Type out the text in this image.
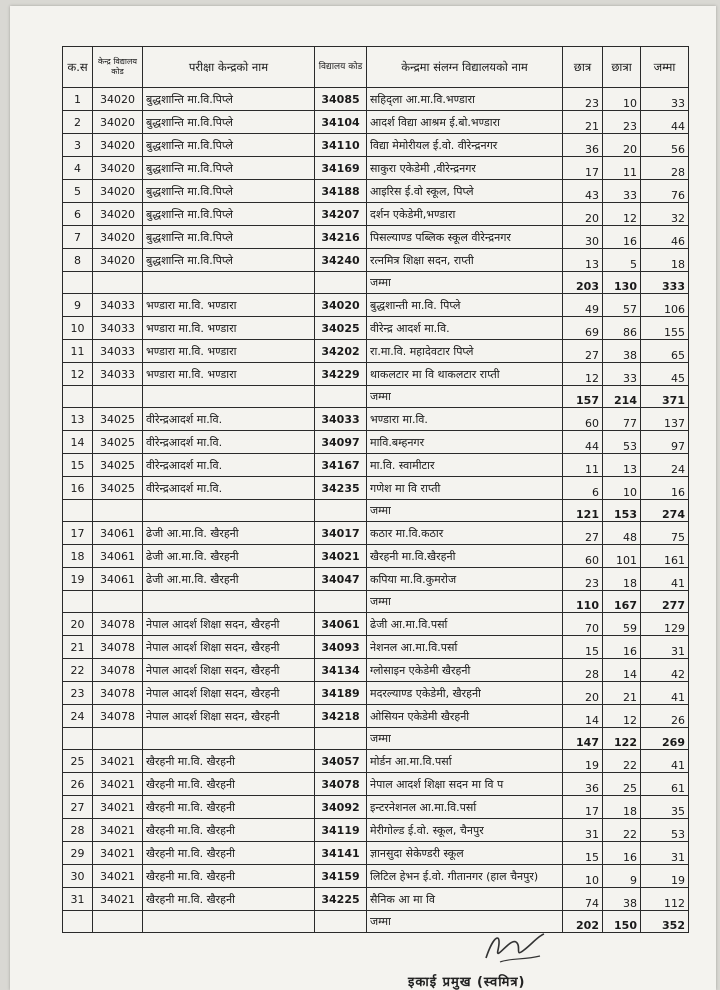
क.स	केन्द्र विद्यालय कोड	परीक्षा केन्द्रको नाम	विद्यालय कोड	केन्द्रमा संलग्न विद्यालयको नाम	छात्र	छात्रा	जम्मा
1	34020	बुद्धशान्ति मा.वि.पिप्ले	34085	सहिद्ला आ.मा.वि.भण्डारा	23	10	33
2	34020	बुद्धशान्ति मा.वि.पिप्ले	34104	आदर्श विद्या आश्रम ई.बो.भण्डारा	21	23	44
3	34020	बुद्धशान्ति मा.वि.पिप्ले	34110	विद्या मेमोरीयल ई.वो. वीरेन्द्रनगर	36	20	56
4	34020	बुद्धशान्ति मा.वि.पिप्ले	34169	साकुरा एकेडेमी ,वीरेन्द्रनगर	17	11	28
5	34020	बुद्धशान्ति मा.वि.पिप्ले	34188	आइरिस ई.वो स्कूल, पिप्ले	43	33	76
6	34020	बुद्धशान्ति मा.वि.पिप्ले	34207	दर्शन एकेडेमी,भण्डारा	20	12	32
7	34020	बुद्धशान्ति मा.वि.पिप्ले	34216	पिसल्याण्ड पब्लिक स्कूल वीरेन्द्रनगर	30	16	46
8	34020	बुद्धशान्ति मा.वि.पिप्ले	34240	रत्नमित्र शिक्षा सदन, राप्ती	13	5	18
				जम्मा	203	130	333
9	34033	भण्डारा मा.वि. भण्डारा	34020	बुद्धशान्ती मा.वि. पिप्ले	49	57	106
10	34033	भण्डारा मा.वि. भण्डारा	34025	वीरेन्द्र आदर्श मा.वि.	69	86	155
11	34033	भण्डारा मा.वि. भण्डारा	34202	रा.मा.वि. महादेवटार पिप्ले	27	38	65
12	34033	भण्डारा मा.वि. भण्डारा	34229	थाकलटार मा वि थाकलटार राप्ती	12	33	45
				जम्मा	157	214	371
13	34025	वीरेन्द्रआदर्श मा.वि.	34033	भण्डारा मा.वि.	60	77	137
14	34025	वीरेन्द्रआदर्श मा.वि.	34097	मावि.बम्हनगर	44	53	97
15	34025	वीरेन्द्रआदर्श मा.वि.	34167	मा.वि. स्वामीटार	11	13	24
16	34025	वीरेन्द्रआदर्श मा.वि.	34235	गणेश मा वि राप्ती	6	10	16
				जम्मा	121	153	274
17	34061	ढेजी आ.मा.वि. खैरहनी	34017	कठार मा.वि.कठार	27	48	75
18	34061	ढेजी आ.मा.वि. खैरहनी	34021	खैरहनी मा.वि.खैरहनी	60	101	161
19	34061	ढेजी आ.मा.वि. खैरहनी	34047	कपिया मा.वि.कुमरोज	23	18	41
				जम्मा	110	167	277
20	34078	नेपाल आदर्श शिक्षा सदन, खैरहनी	34061	ढेजी आ.मा.वि.पर्सा	70	59	129
21	34078	नेपाल आदर्श शिक्षा सदन, खैरहनी	34093	नेशनल आ.मा.वि.पर्सा	15	16	31
22	34078	नेपाल आदर्श शिक्षा सदन, खैरहनी	34134	ग्लोसाइन एकेडेमी खैरहनी	28	14	42
23	34078	नेपाल आदर्श शिक्षा सदन, खैरहनी	34189	मदरल्याण्ड एकेडेमी, खैरहनी	20	21	41
24	34078	नेपाल आदर्श शिक्षा सदन, खैरहनी	34218	ओसियन एकेडेमी खैरहनी	14	12	26
				जम्मा	147	122	269
25	34021	खैरहनी मा.वि. खैरहनी	34057	मोर्डन आ.मा.वि.पर्सा	19	22	41
26	34021	खैरहनी मा.वि. खैरहनी	34078	नेपाल आदर्श शिक्षा सदन मा वि प	36	25	61
27	34021	खैरहनी मा.वि. खैरहनी	34092	इन्टरनेशनल आ.मा.वि.पर्सा	17	18	35
28	34021	खैरहनी मा.वि. खैरहनी	34119	मेरीगोल्ड ई.वो. स्कूल, चैनपुर	31	22	53
29	34021	खैरहनी मा.वि. खैरहनी	34141	ज्ञानसुदा सेकेण्डरी स्कूल	15	16	31
30	34021	खैरहनी मा.वि. खैरहनी	34159	लिटिल हेभन ई.वो. गीतानगर (हाल चैनपुर)	10	9	19
31	34021	खैरहनी मा.वि. खैरहनी	34225	सैनिक आ मा वि	74	38	112
				जम्मा	202	150	352
इकाई प्रमुख (स्वमित्र)
